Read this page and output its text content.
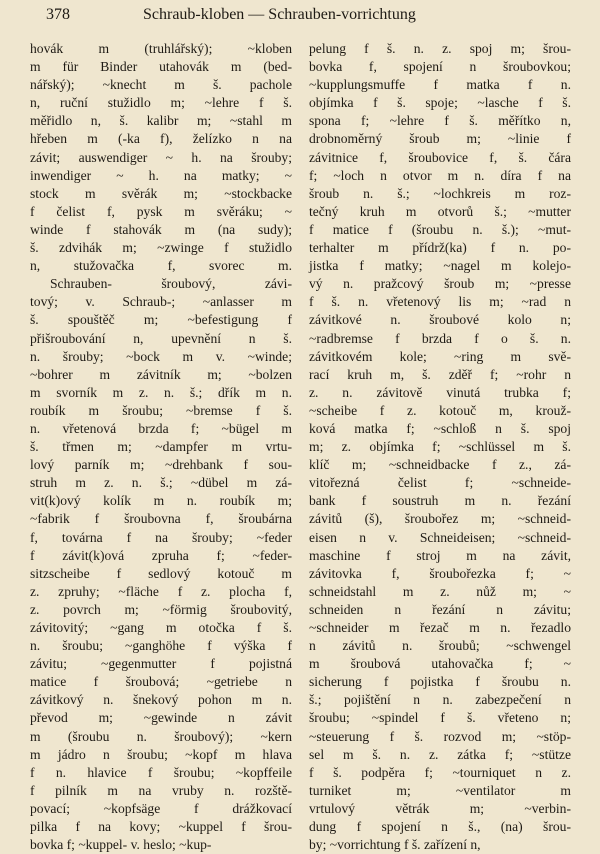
378	Schraub-kloben — Schrauben-vorrichtung
hovák m (truhlářský); ~kloben
m für Binder utahovák m (bed-
nářský); ~knecht m š. pachole
n, ruční stužidlo m; ~lehre f š.
měřidlo n, š. kalibr m; ~stahl m
hřeben m (-ka f), želízko n na
závit; auswendiger ~ h. na šrouby;
inwendiger ~ h. na matky; ~
stock m svěrák m; ~stockbacke
f čelist f, pysk m svěráku; ~
winde f stahovák m (na sudy);
š. zdvihák m; ~zwinge f stužidlo
n, stužovačka f, svorec m.
Schrauben- šroubový, závi-
tový; v. Schraub-; ~anlasser m
š. spouštěč m; ~befestigung f
přišroubování n, upevnění n š.
n. šrouby; ~bock m v. ~winde;
~bohrer m závitník m; ~bolzen
m svorník m z. n. š.; dřík m n.
roubík m šroubu; ~bremse f š.
n. vřetenová brzda f; ~bügel m
š. třmen m; ~dampfer m vrtu-
lový parník m; ~drehbank f sou-
struh m z. n. š.; ~dübel m zá-
vit(k)ový kolík m n. roubík m;
~fabrik f šroubovna f, šroubárna
f, továrna f na šrouby; ~feder
f závit(k)ová zpruha f; ~feder-
sitzscheibe f sedlový kotouč m
z. zpruhy; ~fläche f z. plocha f,
z. povrch m; ~förmig šroubovitý,
závitovitý; ~gang m otočka f š.
n. šroubu; ~ganghöhe f výška f
závitu; ~gegenmutter f pojistná
matice f šroubová; ~getriebe n
závitkový n. šnekový pohon m n.
převod m; ~gewinde n závit
m (šroubu n. šroubový); ~kern
m jádro n šroubu; ~kopf m hlava
f n. hlavice f šroubu; ~kopffeile
f pilník m na vruby n. rozště-
povací; ~kopfsäge f drážkovací
pilka f na kovy; ~kuppel f šrou-
bovka f; ~kuppel- v. heslo; ~kup-
pelung f š. n. z. spoj m; šrou-
bovka f, spojení n šroubovkou;
~kupplungsmuffe f matka f n.
objímka f š. spoje; ~lasche f š.
spona f; ~lehre f š. měřítko n,
drobnoměrný šroub m; ~linie f
závitnice f, šroubovice f, š. čára
f; ~loch n otvor m n. díra f na
šroub n. š.; ~lochkreis m roz-
tečný kruh m otvorů š.; ~mutter
f matice f (šroubu n. š.); ~mut-
terhalter m přídrž(ka) f n. po-
jistka f matky; ~nagel m kolejo-
vý n. pražcový šroub m; ~presse
f š. n. vřetenový lis m; ~rad n
závitkové n. šroubové kolo n;
~radbremse f brzda f o š. n.
závitkovém kole; ~ring m svě-
rací kruh m, š. zděř f; ~rohr n
z. n. závitově vinutá trubka f;
~scheibe f z. kotouč m, krouž-
ková matka f; ~schloß n š. spoj
m; z. objímka f; ~schlüssel m š.
klíč m; ~schneidbacke f z., zá-
vitořezná čelist f; ~schneide-
bank f soustruh m n. řezání
závitů (š), šroubořez m; ~schneid-
eisen n v. Schneideisen; ~schneid-
maschine f stroj m na závit,
závitovka f, šroubořezka f; ~
schneidstahl m z. nůž m; ~
schneiden n řezání n závitu;
~schneider m řezač m n. řezadlo
n závitů n. šroubů; ~schwengel
m šroubová utahovačka f; ~
sicherung f pojistka f šroubu n.
š.; pojištění n n. zabezpečení n
šroubu; ~spindel f š. vřeteno n;
~steuerung f š. rozvod m; ~stöp-
sel m š. n. z. zátka f; ~stütze
f š. podpěra f; ~tourniquet n z.
turniket m; ~ventilator m
vrtulový větrák m; ~verbin-
dung f spojení n š., (na) šrou-
by; ~vorrichtung f š. zařízení n,
